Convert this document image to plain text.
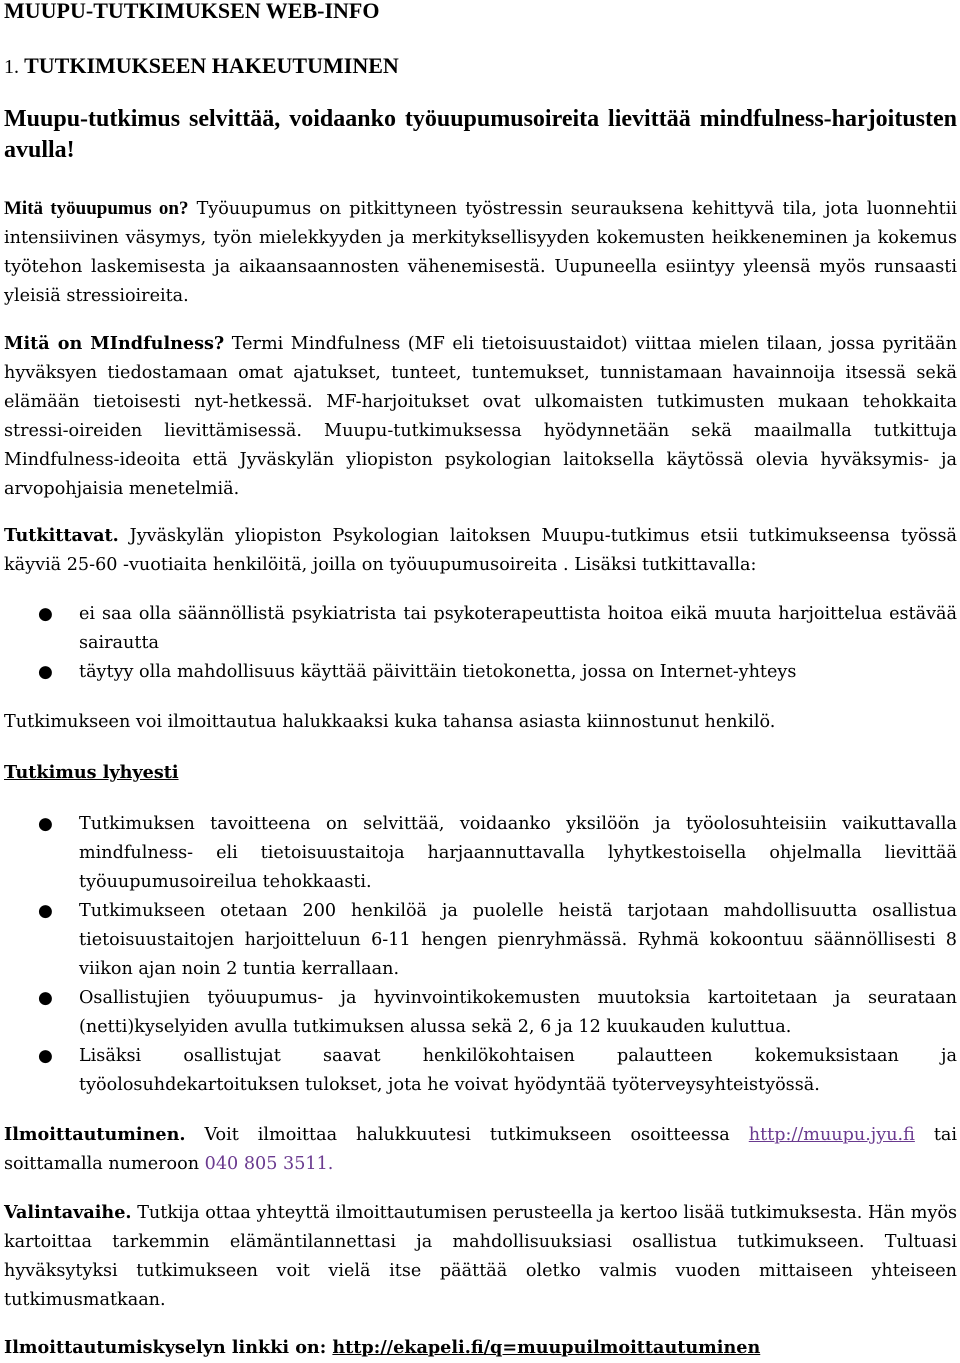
MUUPU-TUTKIMUKSEN WEB-INFO
1. TUTKIMUKSEEN HAKEUTUMINEN
Muupu-tutkimus selvittää, voidaanko työuupumusoireita lievittää mindfulness-harjoitusten avulla!
Mitä työuupumus on? Työuupumus on pitkittyneen työstressin seurauksena kehittyvä tila, jota luonnehtii intensiivinen väsymys, työn mielekkyyden ja merkityksellisyyden kokemusten heikkeneminen ja kokemus työtehon laskemisesta ja aikaansaannosten vähenemisestä. Uupuneella esiintyy yleensä myös runsaasti yleisiä stressioireita.
Mitä on MIndfulness? Termi Mindfulness (MF eli tietoisuustaidot) viittaa mielen tilaan, jossa pyritään hyväksyen tiedostamaan omat ajatukset, tunteet, tuntemukset, tunnistamaan havainnoija itsessä sekä elämään tietoisesti nyt-hetkessä. MF-harjoitukset ovat ulkomaisten tutkimusten mukaan tehokkaita stressi-oireiden lievittämisessä. Muupu-tutkimuksessa hyödynnetään sekä maailmalla tutkittuja Mindfulness-ideoita että Jyväskylän yliopiston psykologian laitoksella käytössä olevia hyväksymis- ja arvopohjaisia menetelmiä.
Tutkittavat. Jyväskylän yliopiston Psykologian laitoksen Muupu-tutkimus etsii tutkimukseensa työssä käyviä 25-60 -vuotiaita henkilöitä, joilla on työuupumusoireita . Lisäksi tutkittavalla:
● ei saa olla säännöllistä psykiatrista tai psykoterapeuttista hoitoa eikä muuta harjoittelua estävää sairautta
● täytyy olla mahdollisuus käyttää päivittäin tietokonetta, jossa on Internet-yhteys
Tutkimukseen voi ilmoittautua halukkaaksi kuka tahansa asiasta kiinnostunut henkilö.
Tutkimus lyhyesti
● Tutkimuksen tavoitteena on selvittää, voidaanko yksilöön ja työolosuhteisiin vaikuttavalla mindfulness- eli tietoisuustaitoja harjaannuttavalla lyhytkestoisella ohjelmalla lievittää työuupumusoireilua tehokkaasti.
● Tutkimukseen otetaan 200 henkilöä ja puolelle heistä tarjotaan mahdollisuutta osallistua tietoisuustaitojen harjoitteluun 6-11 hengen pienryhmässä. Ryhmä kokoontuu säännöllisesti 8 viikon ajan noin 2 tuntia kerrallaan.
● Osallistujien työuupumus- ja hyvinvointikokemusten muutoksia kartoitetaan ja seurataan (netti)kyselyiden avulla tutkimuksen alussa sekä 2, 6 ja 12 kuukauden kuluttua.
● Lisäksi osallistujat saavat henkilökohtaisen palautteen kokemuksistaan ja työolosuhdekartoituksen tulokset, jota he voivat hyödyntää työterveysyhteistyössä.
Ilmoittautuminen. Voit ilmoittaa halukkuutesi tutkimukseen osoitteessa http://muupu.jyu.fi tai soittamalla numeroon 040 805 3511.
Valintavaihe. Tutkija ottaa yhteyttä ilmoittautumisen perusteella ja kertoo lisää tutkimuksesta. Hän myös kartoittaa tarkemmin elämäntilannettasi ja mahdollisuuksiasi osallistua tutkimukseen. Tultuasi hyväksytyksi tutkimukseen voit vielä itse päättää oletko valmis vuoden mittaiseen yhteiseen tutkimusmatkaan.
Ilmoittautumiskyselyn linkki on: http://ekapeli.fi/q=muupuilmoittautuminen
